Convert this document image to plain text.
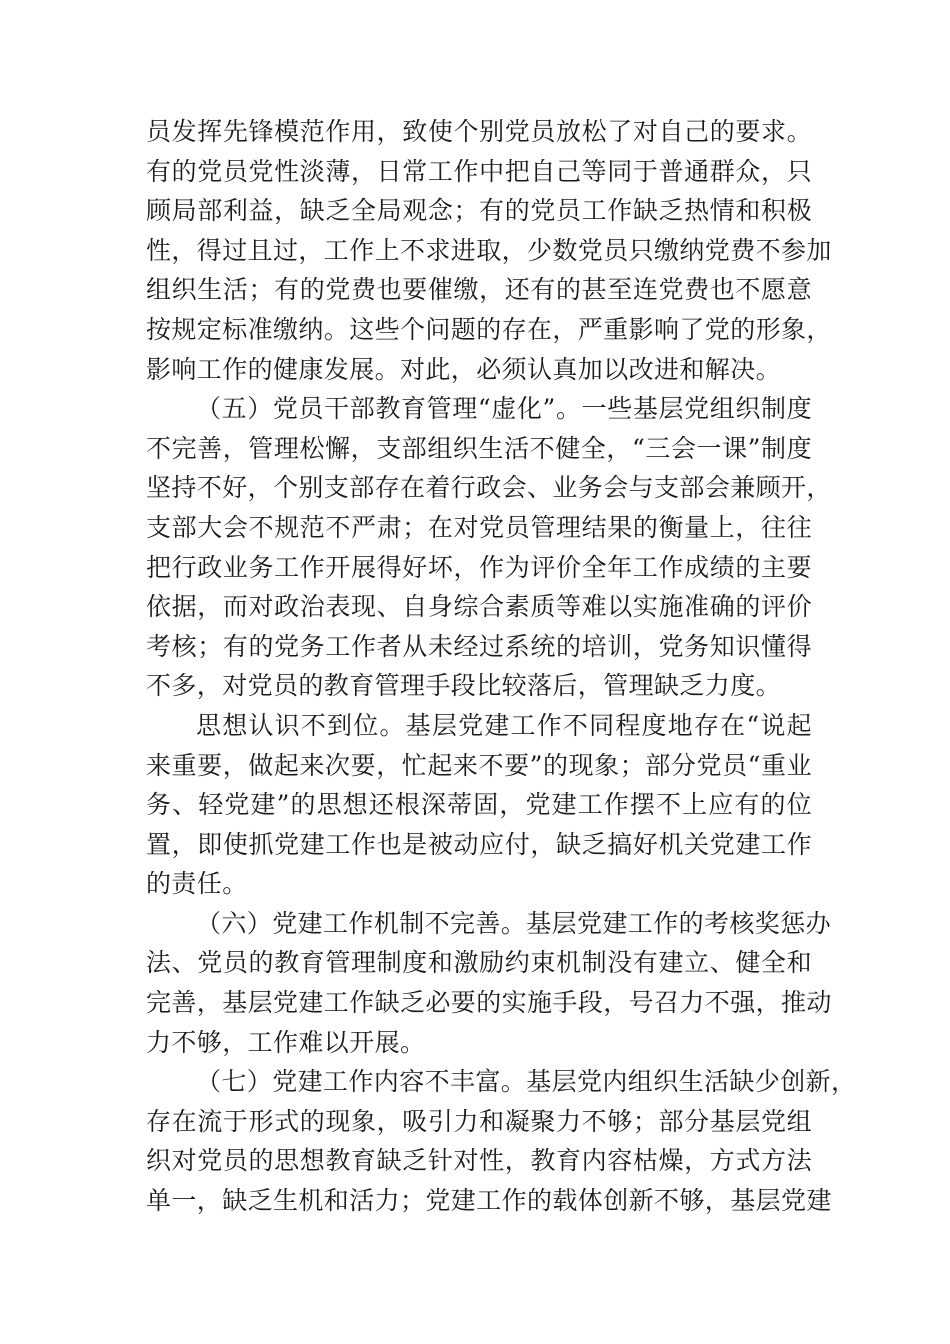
员发挥先锋模范作用，致使个别党员放松了对自己的要求。
有的党员党性淡薄，日常工作中把自己等同于普通群众，只
顾局部利益，缺乏全局观念；有的党员工作缺乏热情和积极
性，得过且过，工作上不求进取，少数党员只缴纳党费不参加
组织生活；有的党费也要催缴，还有的甚至连党费也不愿意
按规定标准缴纳。这些个问题的存在，严重影响了党的形象，
影响工作的健康发展。对此，必须认真加以改进和解决。
（五）党员干部教育管理“虚化”。一些基层党组织制度
不完善，管理松懈，支部组织生活不健全，“三会一课”制度
坚持不好，个别支部存在着行政会、业务会与支部会兼顾开，
支部大会不规范不严肃；在对党员管理结果的衡量上，往往
把行政业务工作开展得好坏，作为评价全年工作成绩的主要
依据，而对政治表现、自身综合素质等难以实施准确的评价
考核；有的党务工作者从未经过系统的培训，党务知识懂得
不多，对党员的教育管理手段比较落后，管理缺乏力度。
思想认识不到位。基层党建工作不同程度地存在“说起
来重要，做起来次要，忙起来不要”的现象；部分党员“重业
务、轻党建”的思想还根深蒂固，党建工作摆不上应有的位
置，即使抓党建工作也是被动应付，缺乏搞好机关党建工作
的责任。
（六）党建工作机制不完善。基层党建工作的考核奖惩办
法、党员的教育管理制度和激励约束机制没有建立、健全和
完善，基层党建工作缺乏必要的实施手段，号召力不强，推动
力不够，工作难以开展。
（七）党建工作内容不丰富。基层党内组织生活缺少创新，
存在流于形式的现象，吸引力和凝聚力不够；部分基层党组
织对党员的思想教育缺乏针对性，教育内容枯燥，方式方法
单一，缺乏生机和活力；党建工作的载体创新不够，基层党建
